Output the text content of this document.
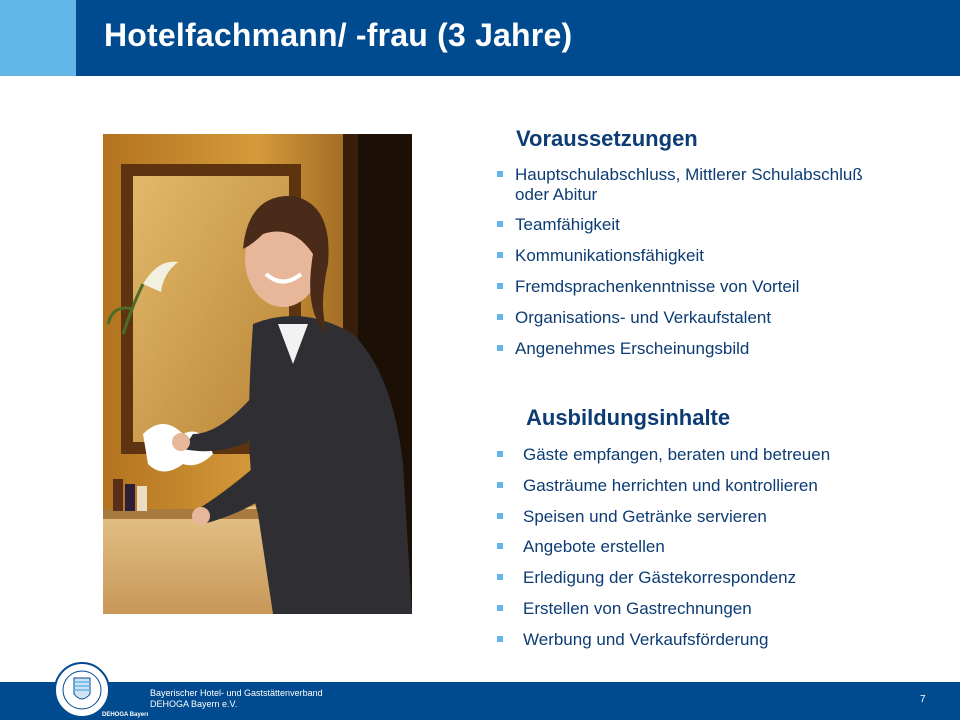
Hotelfachmann/ -frau (3 Jahre)
Voraussetzungen
Hauptschulabschluss, Mittlerer Schulabschluß oder Abitur
Teamfähigkeit
Kommunikationsfähigkeit
Fremdsprachenkenntnisse von Vorteil
Organisations- und Verkaufstalent
Angenehmes Erscheinungsbild
Ausbildungsinhalte
Gäste empfangen, beraten und betreuen
Gasträume herrichten und kontrollieren
Speisen und Getränke servieren
Angebote erstellen
Erledigung der Gästekorrespondenz
Erstellen von Gastrechnungen
Werbung und Verkaufsförderung
DEHOGA Bayern
Bayerischer Hotel- und Gaststättenverband
DEHOGA Bayern e.V.	7
